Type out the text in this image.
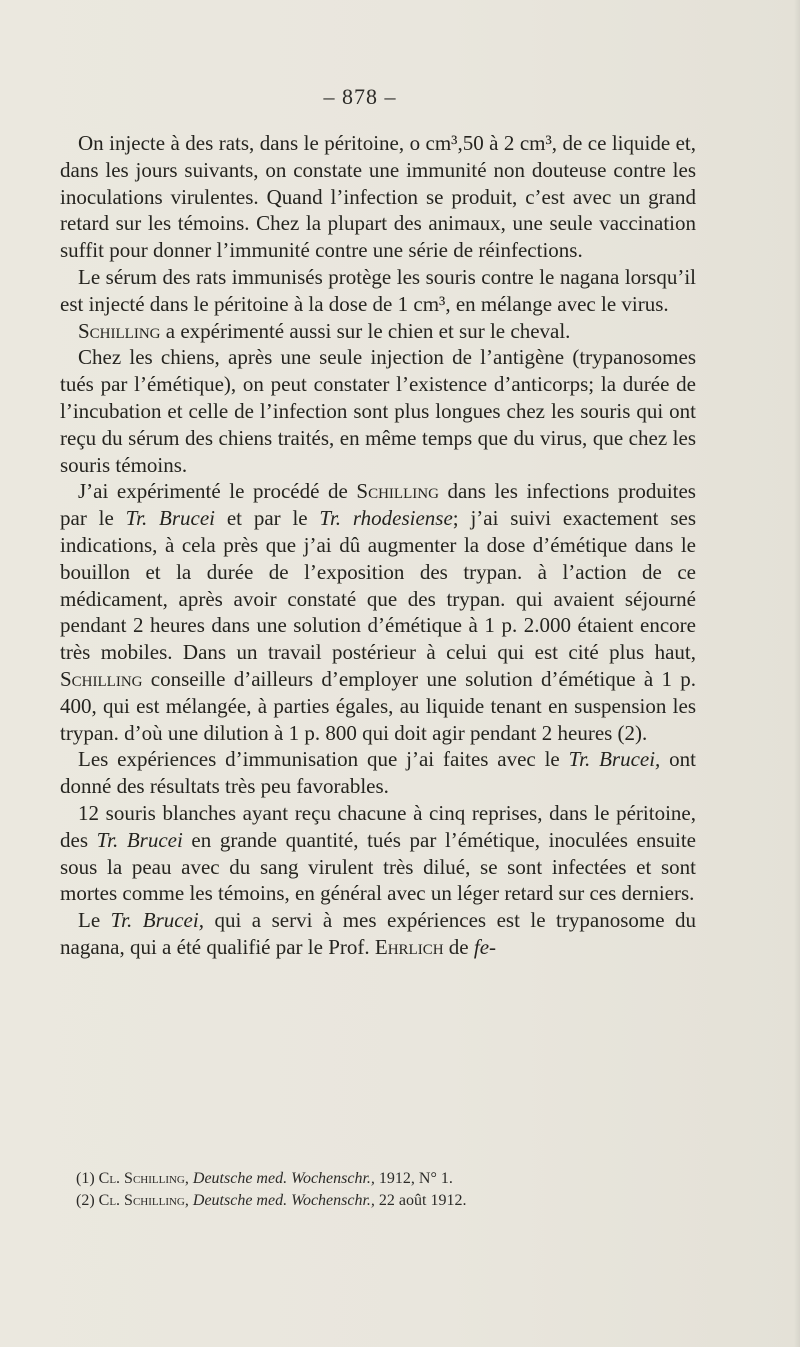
– 878 –

On injecte à des rats, dans le péritoine, o cm³,50 à 2 cm³, de ce liquide et, dans les jours suivants, on constate une immunité non douteuse contre les inoculations virulentes. Quand l’infection se produit, c’est avec un grand retard sur les témoins. Chez la plupart des animaux, une seule vaccination suffit pour donner l’immunité contre une série de réinfections.

Le sérum des rats immunisés protège les souris contre le nagana lorsqu’il est injecté dans le péritoine à la dose de 1 cm³, en mélange avec le virus.

Schilling a expérimenté aussi sur le chien et sur le cheval.

Chez les chiens, après une seule injection de l’antigène (trypanosomes tués par l’émétique), on peut constater l’existence d’anticorps; la durée de l’incubation et celle de l’infection sont plus longues chez les souris qui ont reçu du sérum des chiens traités, en même temps que du virus, que chez les souris témoins.

J’ai expérimenté le procédé de Schilling dans les infections produites par le Tr. Brucei et par le Tr. rhodesiense; j’ai suivi exactement ses indications, à cela près que j’ai dû augmenter la dose d’émétique dans le bouillon et la durée de l’exposition des trypan. à l’action de ce médicament, après avoir constaté que des trypan. qui avaient séjourné pendant 2 heures dans une solution d’émétique à 1 p. 2.000 étaient encore très mobiles. Dans un travail postérieur à celui qui est cité plus haut, Schilling conseille d’ailleurs d’employer une solution d’émétique à 1 p. 400, qui est mélangée, à parties égales, au liquide tenant en suspension les trypan. d’où une dilution à 1 p. 800 qui doit agir pendant 2 heures (2).

Les expériences d’immunisation que j’ai faites avec le Tr. Brucei, ont donné des résultats très peu favorables.

12 souris blanches ayant reçu chacune à cinq reprises, dans le péritoine, des Tr. Brucei en grande quantité, tués par l’émétique, inoculées ensuite sous la peau avec du sang virulent très dilué, se sont infectées et sont mortes comme les témoins, en général avec un léger retard sur ces derniers.

Le Tr. Brucei, qui a servi à mes expériences est le trypanosome du nagana, qui a été qualifié par le Prof. Ehrlich de fe-

(1) Cl. Schilling, Deutsche med. Wochenschr., 1912, N° 1.

(2) Cl. Schilling, Deutsche med. Wochenschr., 22 août 1912.
